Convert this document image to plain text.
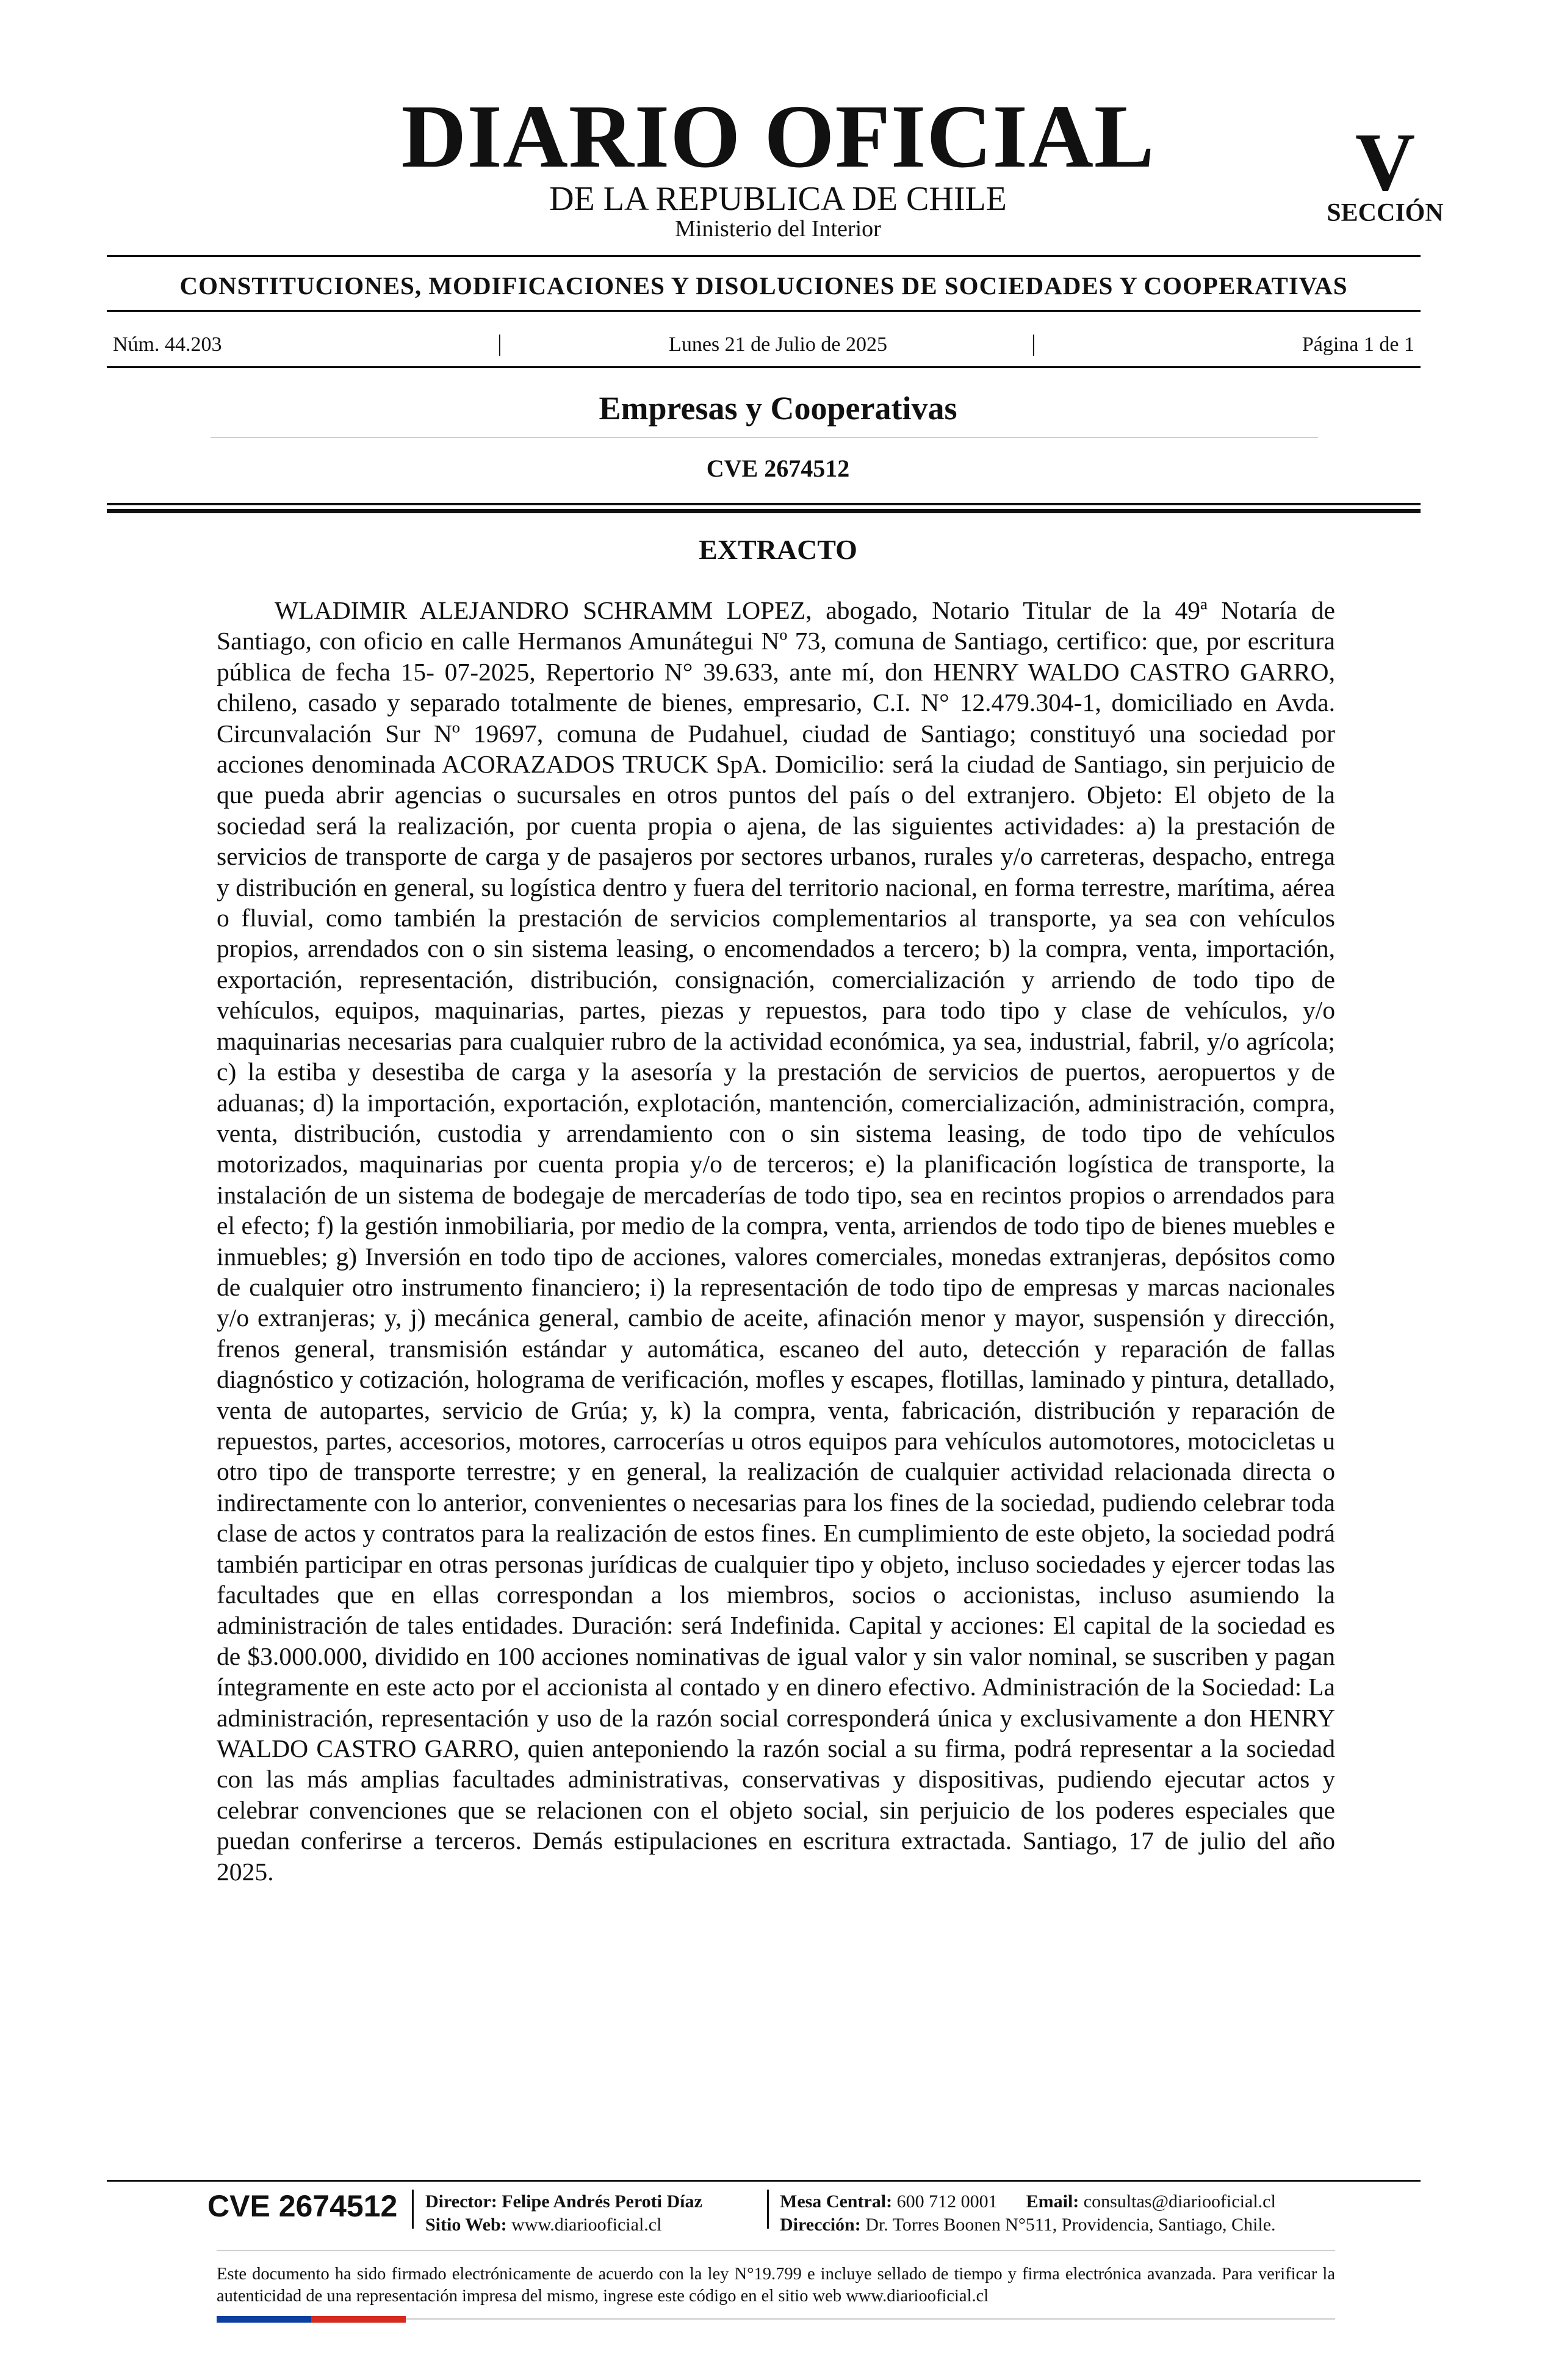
DIARIO OFICIAL
DE LA REPUBLICA DE CHILE
Ministerio del Interior
V
SECCIÓN
CONSTITUCIONES, MODIFICACIONES Y DISOLUCIONES DE SOCIEDADES Y COOPERATIVAS
Núm. 44.203	|	Lunes 21 de Julio de 2025	|	Página 1 de 1
Empresas y Cooperativas
CVE 2674512
EXTRACTO

WLADIMIR ALEJANDRO SCHRAMM LOPEZ, abogado, Notario Titular de la 49ª Notaría de Santiago, con oficio en calle Hermanos Amunátegui Nº 73, comuna de Santiago, certifico: que, por escritura pública de fecha 15- 07-2025, Repertorio N° 39.633, ante mí, don HENRY WALDO CASTRO GARRO, chileno, casado y separado totalmente de bienes, empresario, C.I. N° 12.479.304-1, domiciliado en Avda. Circunvalación Sur Nº 19697, comuna de Pudahuel, ciudad de Santiago; constituyó una sociedad por acciones denominada ACORAZADOS TRUCK SpA. Domicilio: será la ciudad de Santiago, sin perjuicio de que pueda abrir agencias o sucursales en otros puntos del país o del extranjero. Objeto: El objeto de la sociedad será la realización, por cuenta propia o ajena, de las siguientes actividades: a) la prestación de servicios de transporte de carga y de pasajeros por sectores urbanos, rurales y/o carreteras, despacho, entrega y distribución en general, su logística dentro y fuera del territorio nacional, en forma terrestre, marítima, aérea o fluvial, como también la prestación de servicios complementarios al transporte, ya sea con vehículos propios, arrendados con o sin sistema leasing, o encomendados a tercero; b) la compra, venta, importación, exportación, representación, distribución, consignación, comercialización y arriendo de todo tipo de vehículos, equipos, maquinarias, partes, piezas y repuestos, para todo tipo y clase de vehículos, y/o maquinarias necesarias para cualquier rubro de la actividad económica, ya sea, industrial, fabril, y/o agrícola; c) la estiba y desestiba de carga y la asesoría y la prestación de servicios de puertos, aeropuertos y de aduanas; d) la importación, exportación, explotación, mantención, comercialización, administración, compra, venta, distribución, custodia y arrendamiento con o sin sistema leasing, de todo tipo de vehículos motorizados, maquinarias por cuenta propia y/o de terceros; e) la planificación logística de transporte, la instalación de un sistema de bodegaje de mercaderías de todo tipo, sea en recintos propios o arrendados para el efecto; f) la gestión inmobiliaria, por medio de la compra, venta, arriendos de todo tipo de bienes muebles e inmuebles; g) Inversión en todo tipo de acciones, valores comerciales, monedas extranjeras, depósitos como de cualquier otro instrumento financiero; i) la representación de todo tipo de empresas y marcas nacionales y/o extranjeras; y, j) mecánica general, cambio de aceite, afinación menor y mayor, suspensión y dirección, frenos general, transmisión estándar y automática, escaneo del auto, detección y reparación de fallas diagnóstico y cotización, holograma de verificación, mofles y escapes, flotillas, laminado y pintura, detallado, venta de autopartes, servicio de Grúa; y, k) la compra, venta, fabricación, distribución y reparación de repuestos, partes, accesorios, motores, carrocerías u otros equipos para vehículos automotores, motocicletas u otro tipo de transporte terrestre; y en general, la realización de cualquier actividad relacionada directa o indirectamente con lo anterior, convenientes o necesarias para los fines de la sociedad, pudiendo celebrar toda clase de actos y contratos para la realización de estos fines. En cumplimiento de este objeto, la sociedad podrá también participar en otras personas jurídicas de cualquier tipo y objeto, incluso sociedades y ejercer todas las facultades que en ellas correspondan a los miembros, socios o accionistas, incluso asumiendo la administración de tales entidades. Duración: será Indefinida. Capital y acciones: El capital de la sociedad es de $3.000.000, dividido en 100 acciones nominativas de igual valor y sin valor nominal, se suscriben y pagan íntegramente en este acto por el accionista al contado y en dinero efectivo. Administración de la Sociedad: La administración, representación y uso de la razón social corresponderá única y exclusivamente a don HENRY WALDO CASTRO GARRO, quien anteponiendo la razón social a su firma, podrá representar a la sociedad con las más amplias facultades administrativas, conservativas y dispositivas, pudiendo ejecutar actos y celebrar convenciones que se relacionen con el objeto social, sin perjuicio de los poderes especiales que puedan conferirse a terceros. Demás estipulaciones en escritura extractada. Santiago, 17 de julio del año 2025.

CVE 2674512 Director: Felipe Andrés Peroti Díaz
Sitio Web: www.diariooficial.cl
Mesa Central: 600 712 0001 Email: consultas@diariooficial.cl
Dirección: Dr. Torres Boonen N°511, Providencia, Santiago, Chile.

Este documento ha sido firmado electrónicamente de acuerdo con la ley N°19.799 e incluye sellado de tiempo y firma electrónica avanzada. Para verificar la autenticidad de una representación impresa del mismo, ingrese este código en el sitio web www.diariooficial.cl
